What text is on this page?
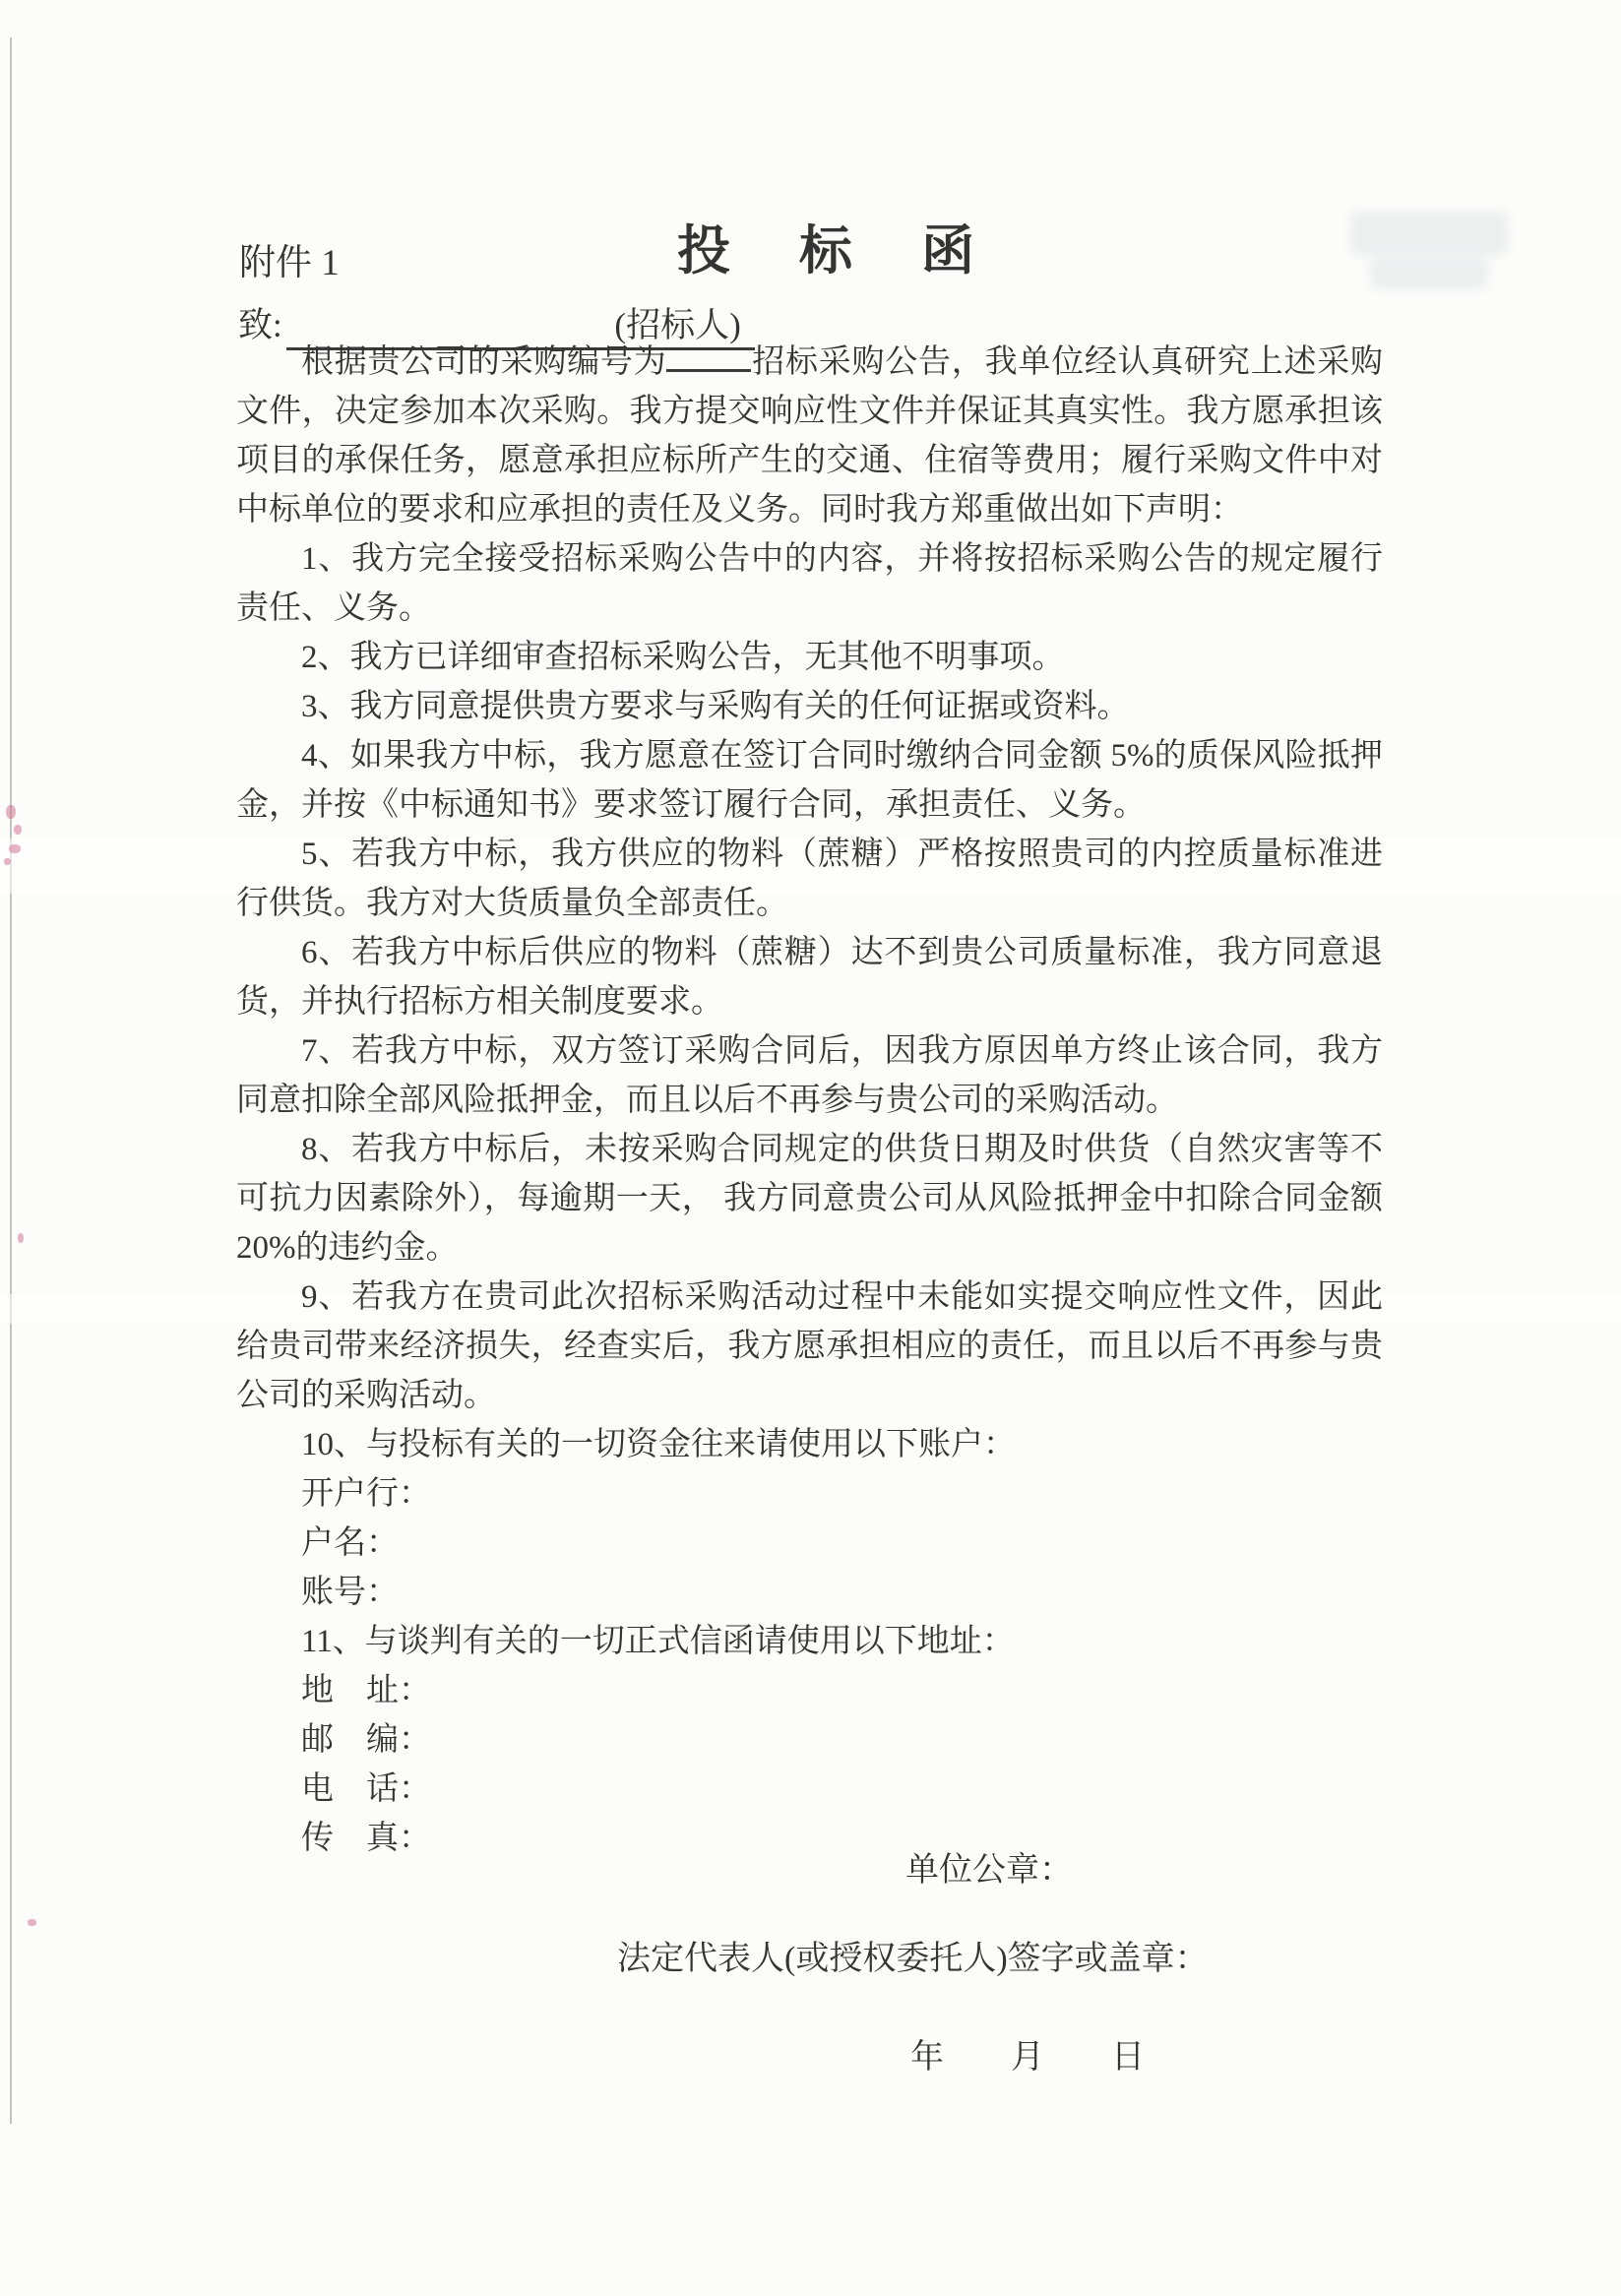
附件 1	投　标　函
致:	(招标人)

根据贵公司的采购编号为	招标采购公告，我单位经认真研究上述采购文件，决定参加本次采购。我方提交响应性文件并保证其真实性。我方愿承担该项目的承保任务，愿意承担应标所产生的交通、住宿等费用；履行采购文件中对中标单位的要求和应承担的责任及义务。同时我方郑重做出如下声明：

1、我方完全接受招标采购公告中的内容，并将按招标采购公告的规定履行责任、义务。

2、我方已详细审查招标采购公告，无其他不明事项。

3、我方同意提供贵方要求与采购有关的任何证据或资料。

4、如果我方中标，我方愿意在签订合同时缴纳合同金额 5%的质保风险抵押金，并按《中标通知书》要求签订履行合同，承担责任、义务。

5、若我方中标，我方供应的物料（蔗糖）严格按照贵司的内控质量标准进行供货。我方对大货质量负全部责任。

6、若我方中标后供应的物料（蔗糖）达不到贵公司质量标准，我方同意退货，并执行招标方相关制度要求。

7、若我方中标，双方签订采购合同后，因我方原因单方终止该合同，我方同意扣除全部风险抵押金，而且以后不再参与贵公司的采购活动。

8、若我方中标后，未按采购合同规定的供货日期及时供货（自然灾害等不可抗力因素除外），每逾期一天， 我方同意贵公司从风险抵押金中扣除合同金额 20%的违约金。

9、若我方在贵司此次招标采购活动过程中未能如实提交响应性文件，因此给贵司带来经济损失，经查实后，我方愿承担相应的责任，而且以后不再参与贵公司的采购活动。

10、与投标有关的一切资金往来请使用以下账户：

开户行：

户名：

账号：

11、与谈判有关的一切正式信函请使用以下地址：

地　址：

邮　编：

电　话：

传　真：

单位公章：
法定代表人(或授权委托人)签字或盖章：
年　　月　　日
